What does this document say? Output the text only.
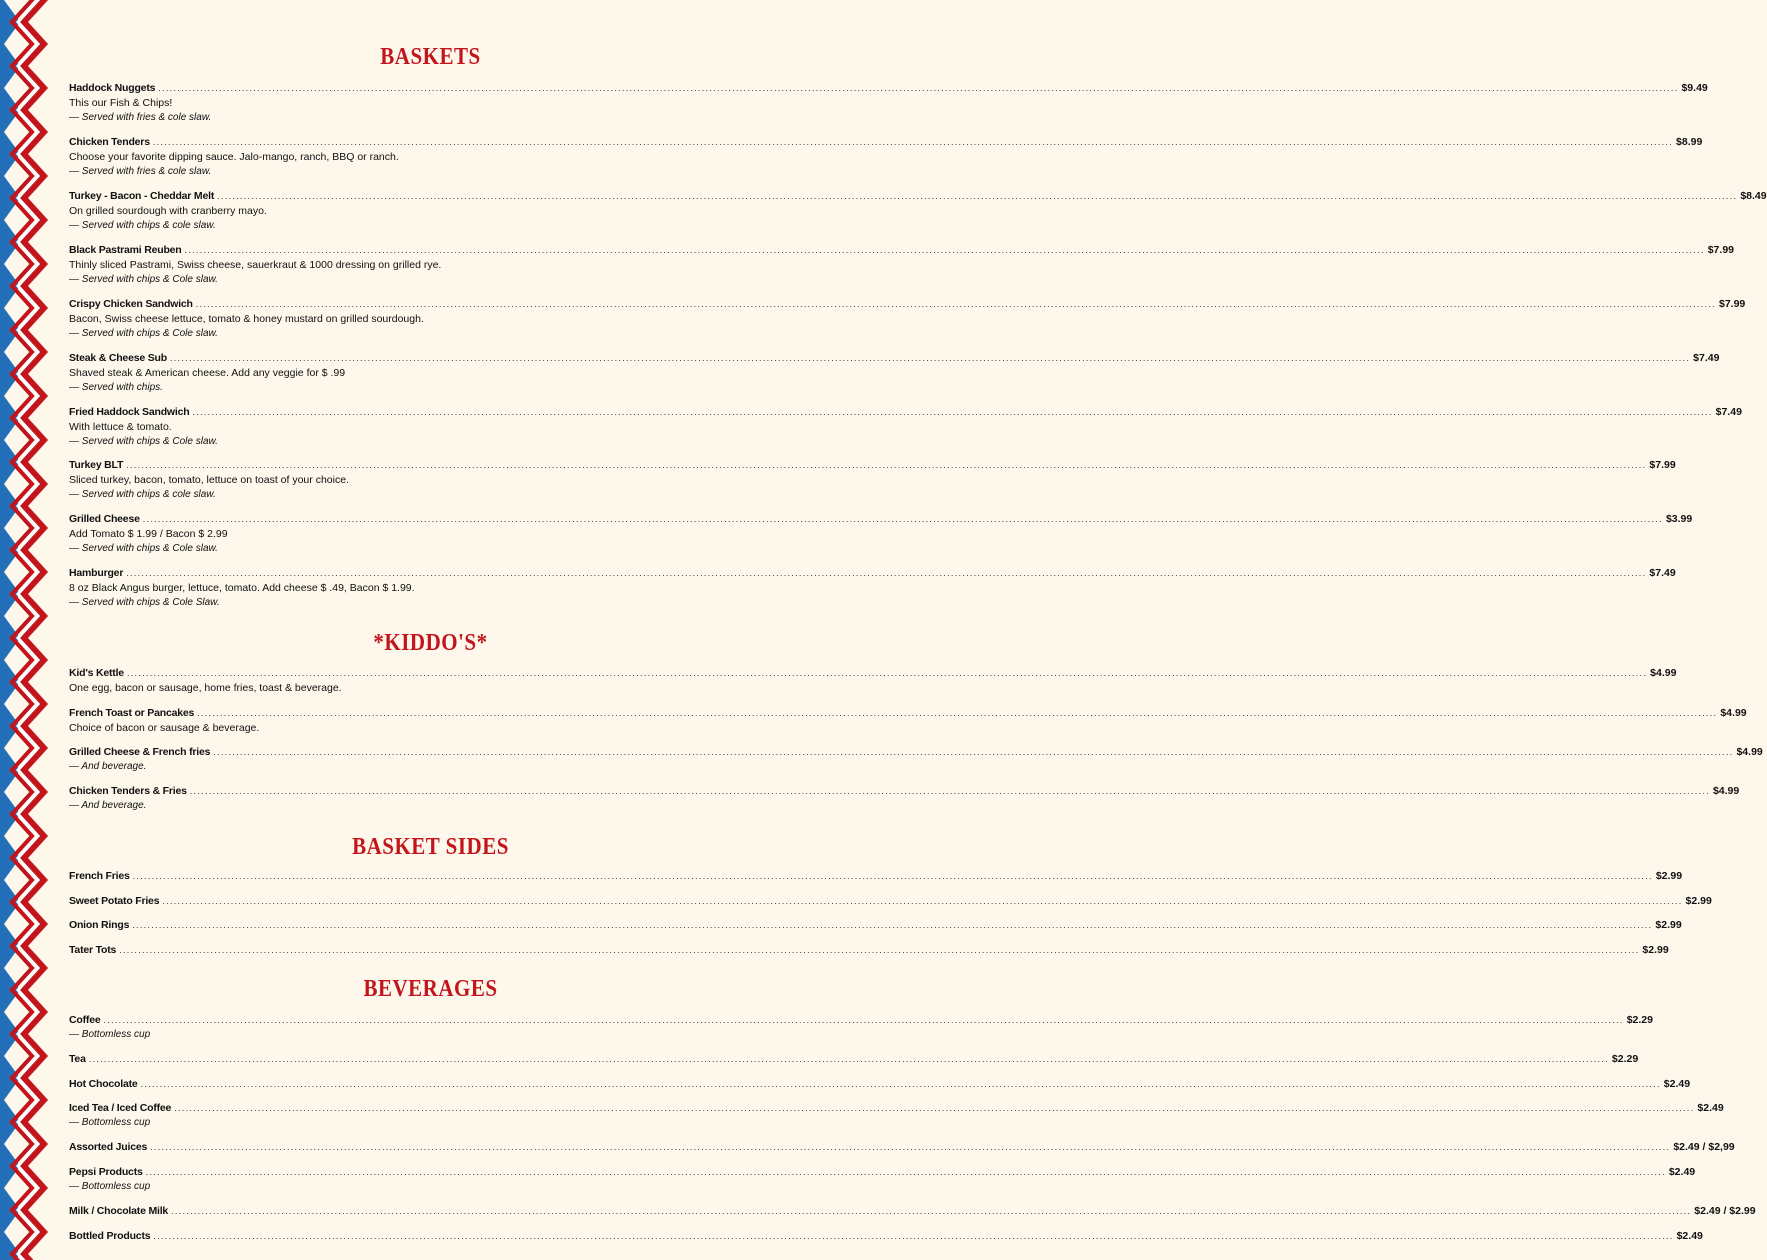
BASKETS
Haddock Nuggets ................................................................................................................................................................................................................................................................................................................................................................................................................ $9.49
This our Fish & Chips!
— Served with fries & cole slaw.
Chicken Tenders ................................................................................................................................................................................................................................................................................................................................................................................................................ $8.99
Choose your favorite dipping sauce. Jalo-mango, ranch, BBQ or ranch.
— Served with fries & cole slaw.
Turkey - Bacon - Cheddar Melt ................................................................................................................................................................................................................................................................................................................................................................................................................ $8.49
On grilled sourdough with cranberry mayo.
— Served with chips & cole slaw.
Black Pastrami Reuben ................................................................................................................................................................................................................................................................................................................................................................................................................ $7.99
Thinly sliced Pastrami, Swiss cheese, sauerkraut & 1000 dressing on grilled rye.
— Served with chips & Cole slaw.
Crispy Chicken Sandwich ................................................................................................................................................................................................................................................................................................................................................................................................................ $7.99
Bacon, Swiss cheese lettuce, tomato & honey mustard on grilled sourdough.
— Served with chips & Cole slaw.
Steak & Cheese Sub ................................................................................................................................................................................................................................................................................................................................................................................................................ $7.49
Shaved steak & American cheese. Add any veggie for $ .99
— Served with chips.
Fried Haddock Sandwich ................................................................................................................................................................................................................................................................................................................................................................................................................ $7.49
With lettuce & tomato.
— Served with chips & Cole slaw.
Turkey BLT ................................................................................................................................................................................................................................................................................................................................................................................................................ $7.99
Sliced turkey, bacon, tomato, lettuce on toast of your choice.
— Served with chips & cole slaw.
Grilled Cheese ................................................................................................................................................................................................................................................................................................................................................................................................................ $3.99
Add Tomato $ 1.99 / Bacon $ 2.99
— Served with chips & Cole slaw.
Hamburger ................................................................................................................................................................................................................................................................................................................................................................................................................ $7.49
8 oz Black Angus burger, lettuce, tomato. Add cheese $ .49, Bacon $ 1.99.
— Served with chips & Cole Slaw.
*KIDDO'S*
Kid's Kettle ................................................................................................................................................................................................................................................................................................................................................................................................................ $4.99
One egg, bacon or sausage, home fries, toast & beverage.
French Toast or Pancakes ................................................................................................................................................................................................................................................................................................................................................................................................................ $4.99
Choice of bacon or sausage & beverage.
Grilled Cheese & French fries ................................................................................................................................................................................................................................................................................................................................................................................................................ $4.99
— And beverage.
Chicken Tenders & Fries ................................................................................................................................................................................................................................................................................................................................................................................................................ $4.99
— And beverage.
BASKET SIDES
French Fries ................................................................................................................................................................................................................................................................................................................................................................................................................ $2.99
Sweet Potato Fries ................................................................................................................................................................................................................................................................................................................................................................................................................ $2.99
Onion Rings ................................................................................................................................................................................................................................................................................................................................................................................................................ $2.99
Tater Tots ................................................................................................................................................................................................................................................................................................................................................................................................................ $2.99
BEVERAGES
Coffee ................................................................................................................................................................................................................................................................................................................................................................................................................ $2.29
— Bottomless cup
Tea ................................................................................................................................................................................................................................................................................................................................................................................................................ $2.29
Hot Chocolate ................................................................................................................................................................................................................................................................................................................................................................................................................ $2.49
Iced Tea / Iced Coffee ................................................................................................................................................................................................................................................................................................................................................................................................................ $2.49
— Bottomless cup
Assorted Juices ................................................................................................................................................................................................................................................................................................................................................................................................................ $2.49 / $2,99
Pepsi Products ................................................................................................................................................................................................................................................................................................................................................................................................................ $2.49
— Bottomless cup
Milk / Chocolate Milk ................................................................................................................................................................................................................................................................................................................................................................................................................ $2.49 / $2.99
Bottled Products ................................................................................................................................................................................................................................................................................................................................................................................................................ $2.49
